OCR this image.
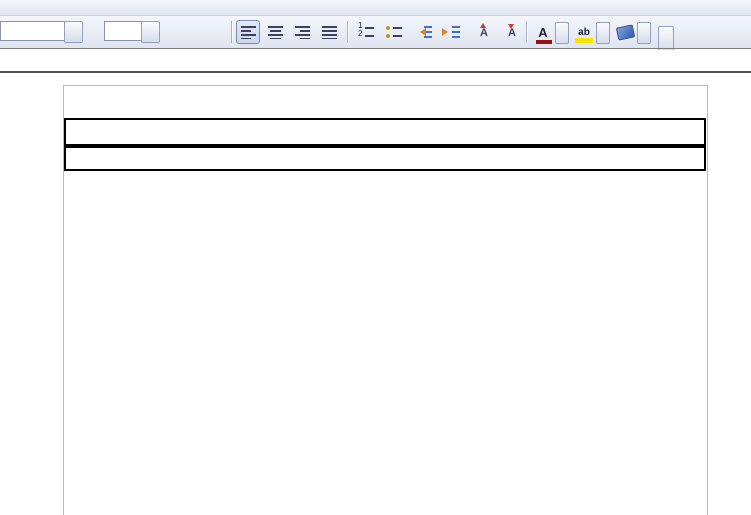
1 2
A	A A	ab
